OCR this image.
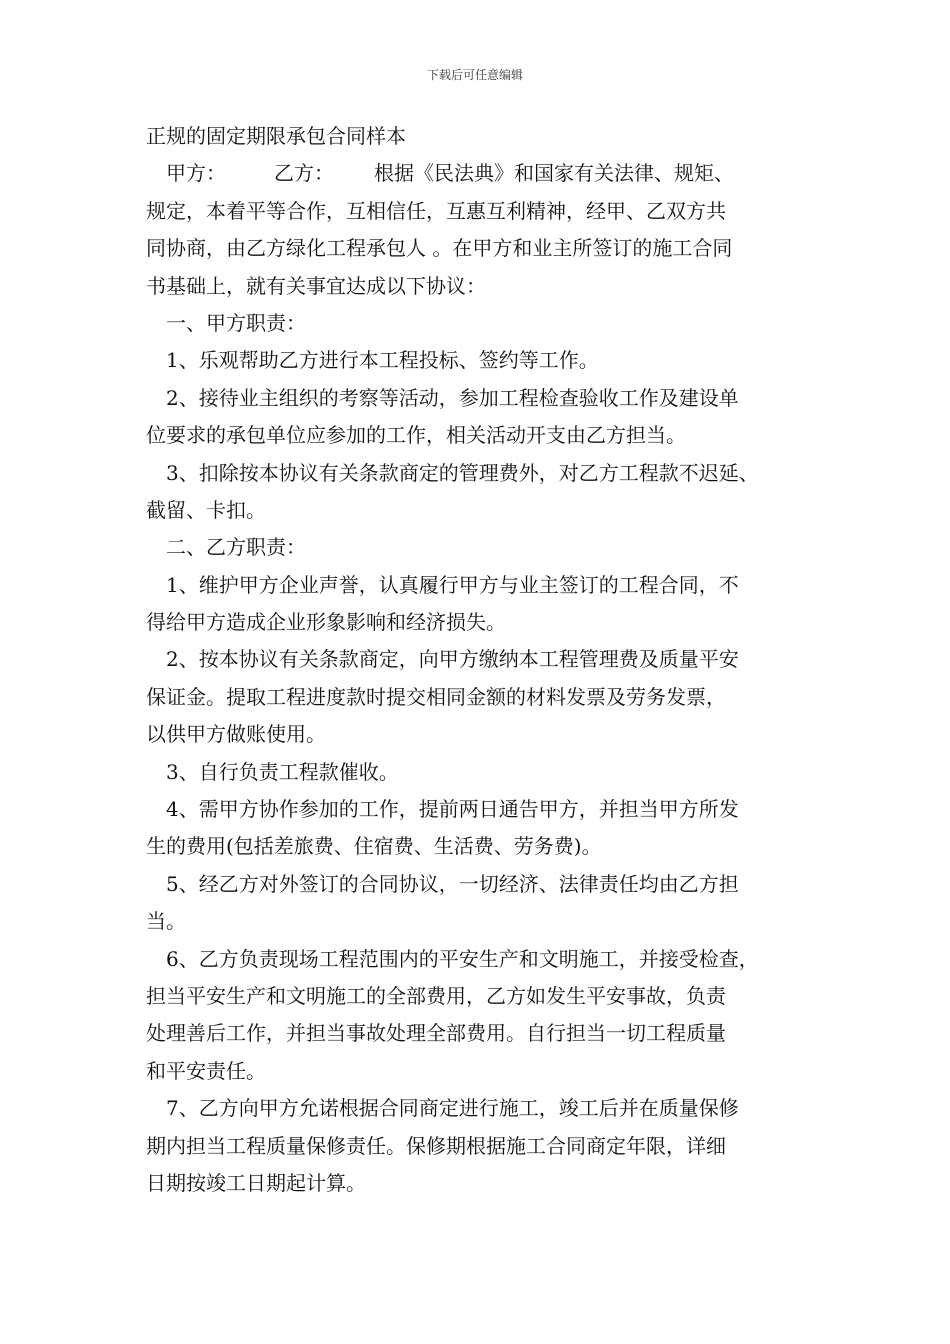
下载后可任意编辑
正规的固定期限承包合同样本
甲方： 乙方： 根据《民法典》和国家有关法律、规矩、
规定，本着平等合作，互相信任，互惠互利精神，经甲、乙双方共
同协商，由乙方绿化工程承包人 。在甲方和业主所签订的施工合同
书基础上，就有关事宜达成以下协议：
一、甲方职责：
1、乐观帮助乙方进行本工程投标、签约等工作。
2、接待业主组织的考察等活动，参加工程检查验收工作及建设单
位要求的承包单位应参加的工作，相关活动开支由乙方担当。
3、扣除按本协议有关条款商定的管理费外，对乙方工程款不迟延、
截留、卡扣。
二、乙方职责：
1、维护甲方企业声誉，认真履行甲方与业主签订的工程合同，不
得给甲方造成企业形象影响和经济损失。
2、按本协议有关条款商定，向甲方缴纳本工程管理费及质量平安
保证金。提取工程进度款时提交相同金额的材料发票及劳务发票，
以供甲方做账使用。
3、自行负责工程款催收。
4、需甲方协作参加的工作，提前两日通告甲方，并担当甲方所发
生的费用(包括差旅费、住宿费、生活费、劳务费)。
5、经乙方对外签订的合同协议，一切经济、法律责任均由乙方担
当。
6、乙方负责现场工程范围内的平安生产和文明施工，并接受检查，
担当平安生产和文明施工的全部费用，乙方如发生平安事故，负责
处理善后工作，并担当事故处理全部费用。自行担当一切工程质量
和平安责任。
7、乙方向甲方允诺根据合同商定进行施工，竣工后并在质量保修
期内担当工程质量保修责任。保修期根据施工合同商定年限，详细
日期按竣工日期起计算。
